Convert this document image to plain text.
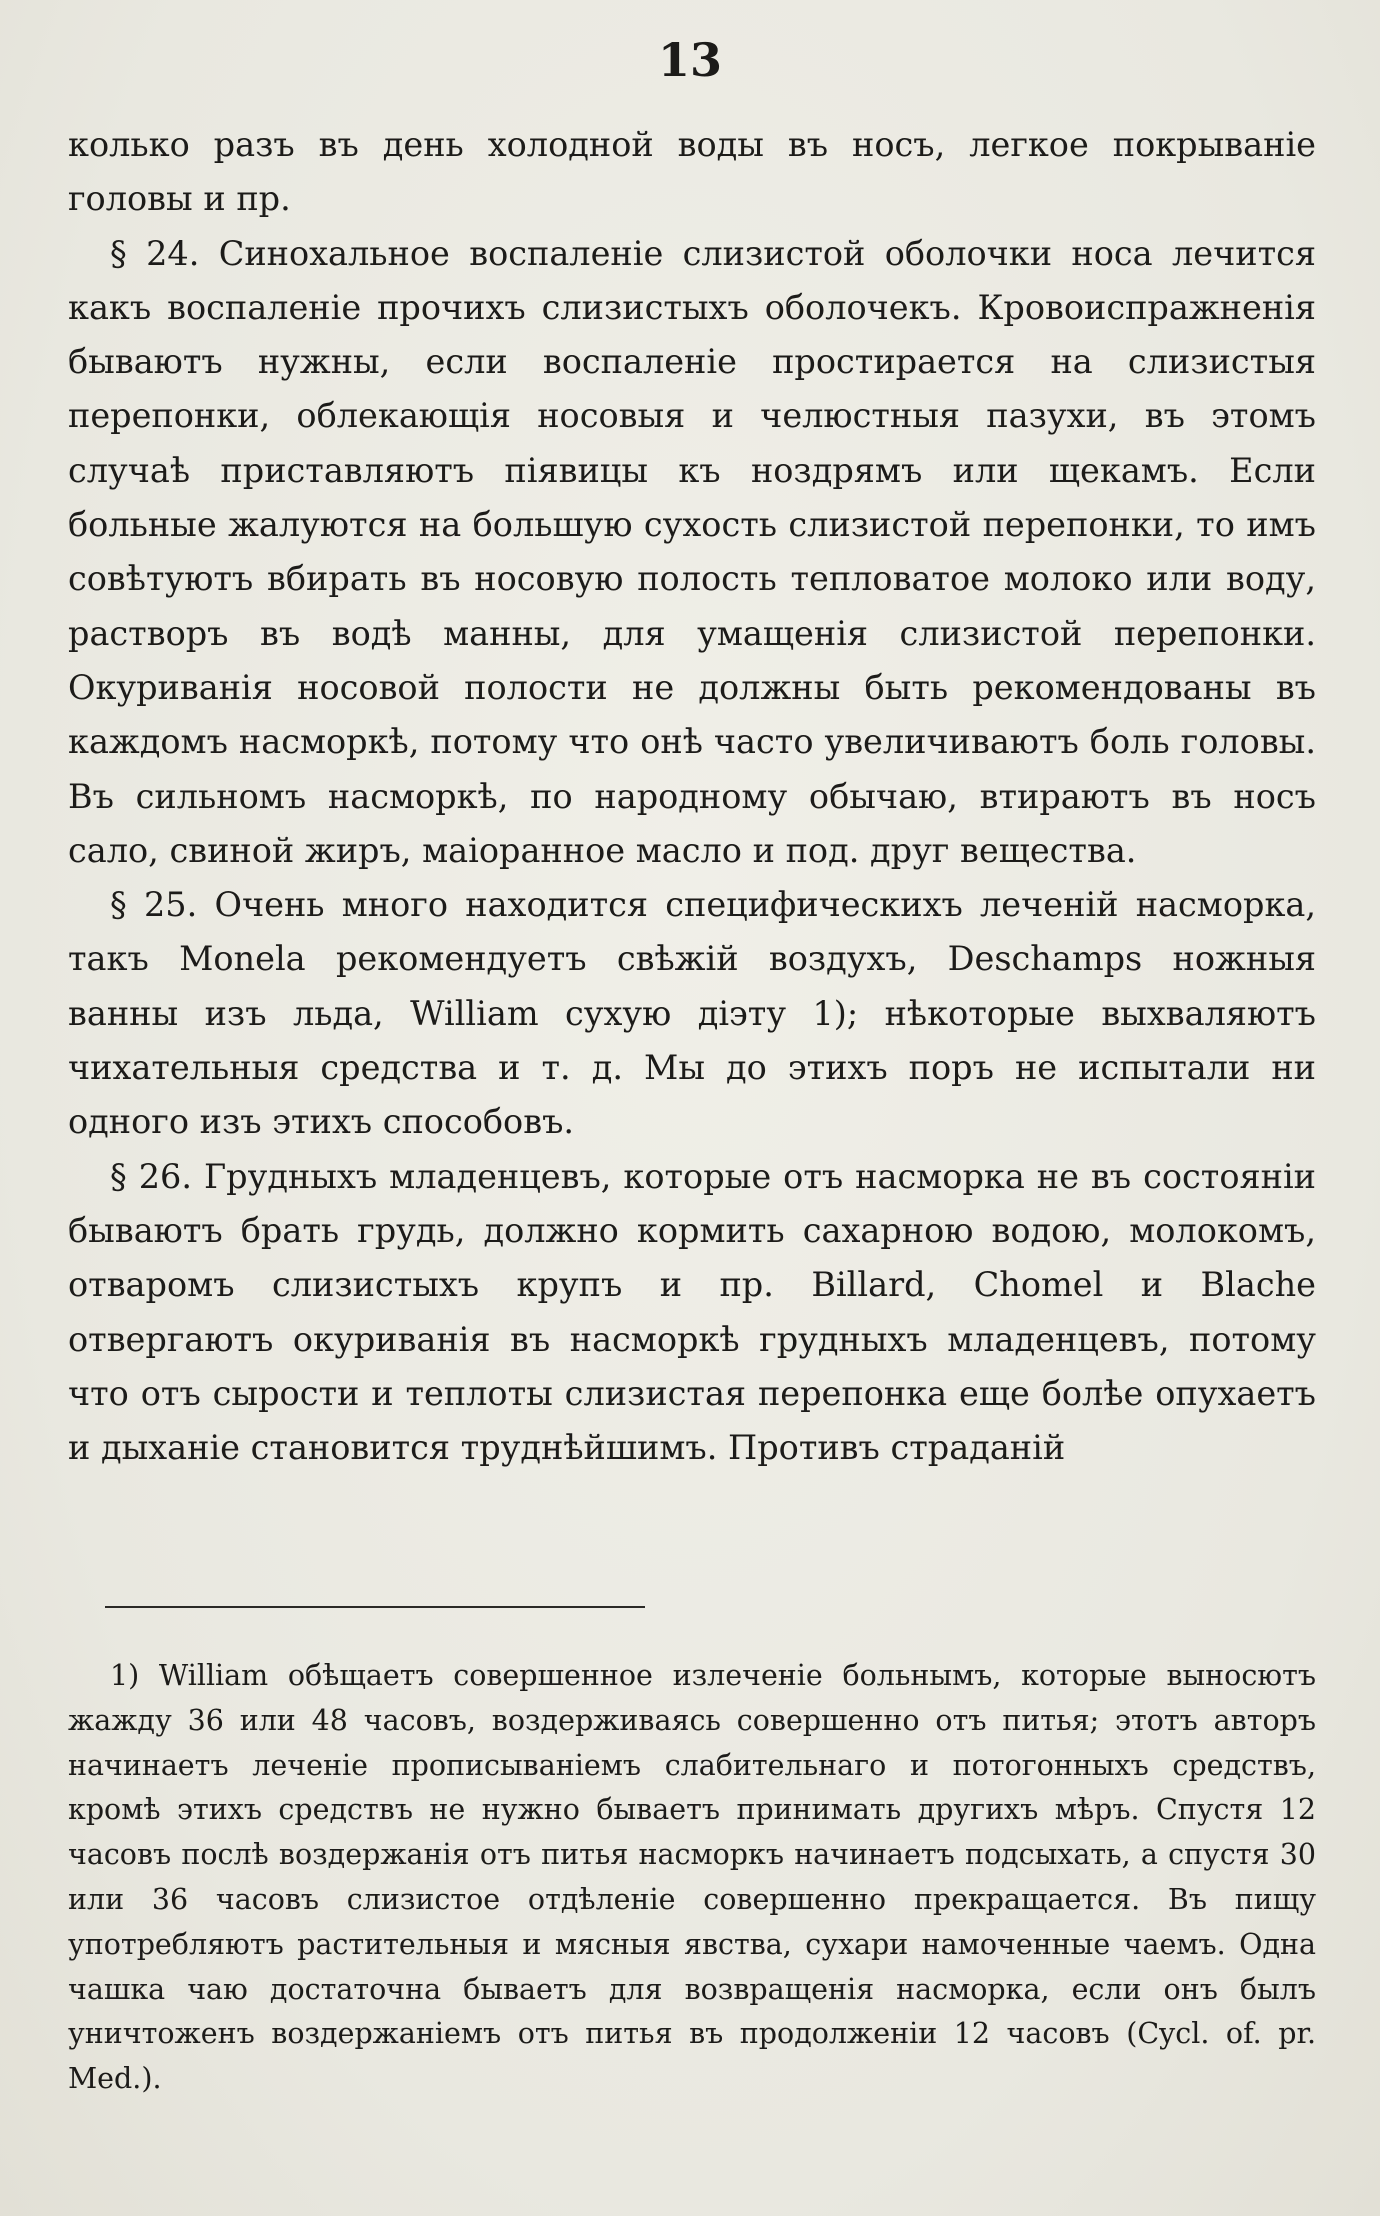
13

колько разъ въ день холодной воды въ носъ, легкое покрываніе головы и пр.

§ 24. Синохальное воспаленіе слизистой оболочки носа лечится какъ воспаленіе прочихъ слизистыхъ оболочекъ. Кровоиспражненія бываютъ нужны, если воспаленіе простирается на слизистыя перепонки, облекающія носовыя и челюстныя пазухи, въ этомъ случаѣ приставляютъ піявицы къ ноздрямъ или щекамъ. Если больные жалуются на большую сухость слизистой перепонки, то имъ совѣтуютъ вбирать въ носовую полость тепловатое молоко или воду, растворъ въ водѣ манны, для умащенія слизистой перепонки. Окуриванія носовой полости не должны быть рекомендованы въ каждомъ насморкѣ, потому что онѣ часто увеличиваютъ боль головы. Въ сильномъ насморкѣ, по народному обычаю, втираютъ въ носъ сало, свиной жиръ, маіоранное масло и под. друг вещества.

§ 25. Очень много находится специфическихъ леченій насморка, такъ Monela рекомендуетъ свѣжій воздухъ, Deschamps ножныя ванны изъ льда, William сухую діэту 1); нѣкоторые выхваляютъ чихательныя средства и т. д. Мы до этихъ поръ не испытали ни одного изъ этихъ способовъ.

§ 26. Грудныхъ младенцевъ, которые отъ насморка не въ состояніи бываютъ брать грудь, должно кормить сахарною водою, молокомъ, отваромъ слизистыхъ крупъ и пр. Billard, Chomel и Blache отвергаютъ окуриванія въ насморкѣ грудныхъ младенцевъ, потому что отъ сырости и теплоты слизистая перепонка еще болѣе опухаетъ и дыханіе становится труднѣйшимъ. Противъ страданій

1) William обѣщаетъ совершенное излеченіе больнымъ, которые выносютъ жажду 36 или 48 часовъ, воздерживаясь совершенно отъ питья; этотъ авторъ начинаетъ леченіе прописываніемъ слабительнаго и потогонныхъ средствъ, кромѣ этихъ средствъ не нужно бываетъ принимать другихъ мѣръ. Спустя 12 часовъ послѣ воздержанія отъ питья насморкъ начинаетъ подсыхать, а спустя 30 или 36 часовъ слизистое отдѣленіе совершенно прекращается. Въ пищу употребляютъ растительныя и мясныя явства, сухари намоченные чаемъ. Одна чашка чаю достаточна бываетъ для возвращенія насморка, если онъ былъ уничтоженъ воздержаніемъ отъ питья въ продолженіи 12 часовъ (Cycl. of. pr. Med.).
